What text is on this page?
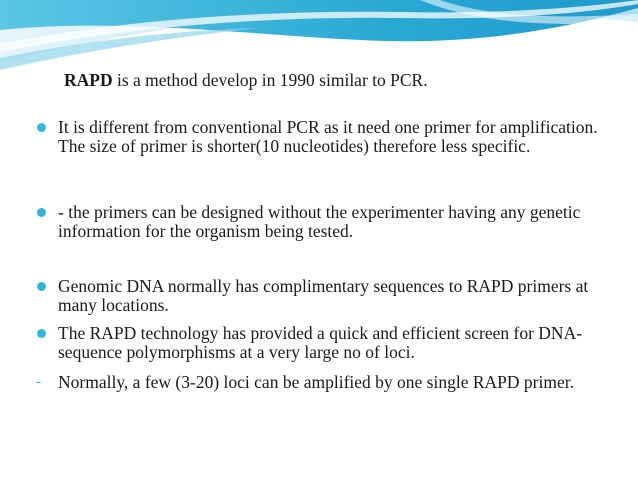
RAPD is a method develop in 1990 similar to PCR.
It is different from conventional PCR as it need one primer for amplification. The size of primer is shorter(10 nucleotides) therefore less specific.
- the primers can be designed without the experimenter having any genetic information for the organism being tested.
Genomic DNA normally has complimentary sequences to RAPD primers at many locations.
The RAPD technology has provided a quick and efficient screen for DNA-sequence polymorphisms at a very large no of loci.
- Normally, a few (3-20) loci can be amplified by one single RAPD primer.
